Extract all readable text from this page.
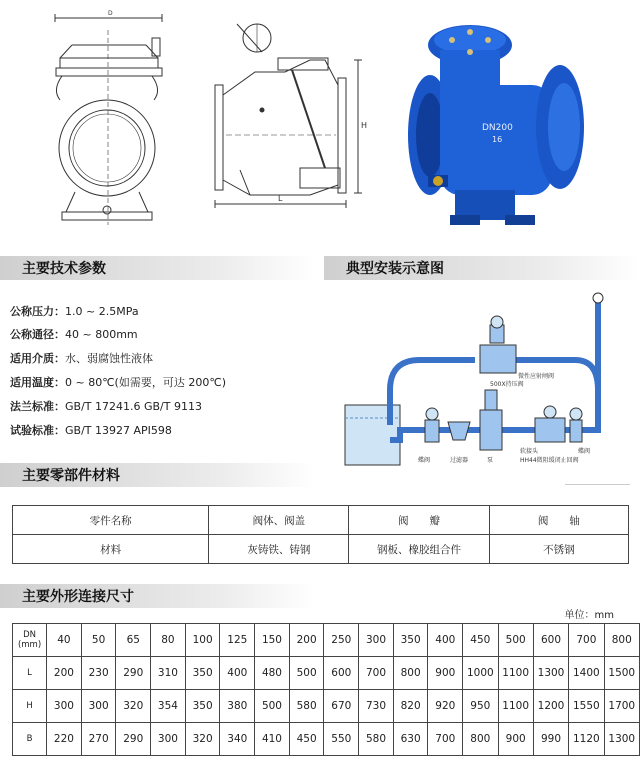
D
L
H	DN200
16
主要技术参数	典型安装示意图
公称压力：1.0 ~ 2.5MPa
公称通径：40 ~ 800mm
适用介质：水、弱腐蚀性液体
适用温度：0 ~ 80℃(如需要，可达 200℃)
法兰标准：GB/T 17241.6 GB/T 9113
试验标准：GB/T 13927 API598
微性应射闸阀
500X持压阀
蝶阀	过滤器	泵
软接头
HH44微阻缓闭止回阀
蝶阀
主要零部件材料
零件名称	阀体、阀盖	阀　　瓣	阀　　轴
材料	灰铸铁、铸钢	钢板、橡胶组合件	不锈钢
主要外形连接尺寸
单位：mm
DN
(mm)	40	50	65	80	100	125	150	200	250	300	350	400	450	500	600	700	800
L	200	230	290	310	350	400	480	500	600	700	800	900	1000	1100	1300	1400	1500
H	300	300	320	354	350	380	500	580	670	730	820	920	950	1100	1200	1550	1700
B	220	270	290	300	320	340	410	450	550	580	630	700	800	900	990	1120	1300
